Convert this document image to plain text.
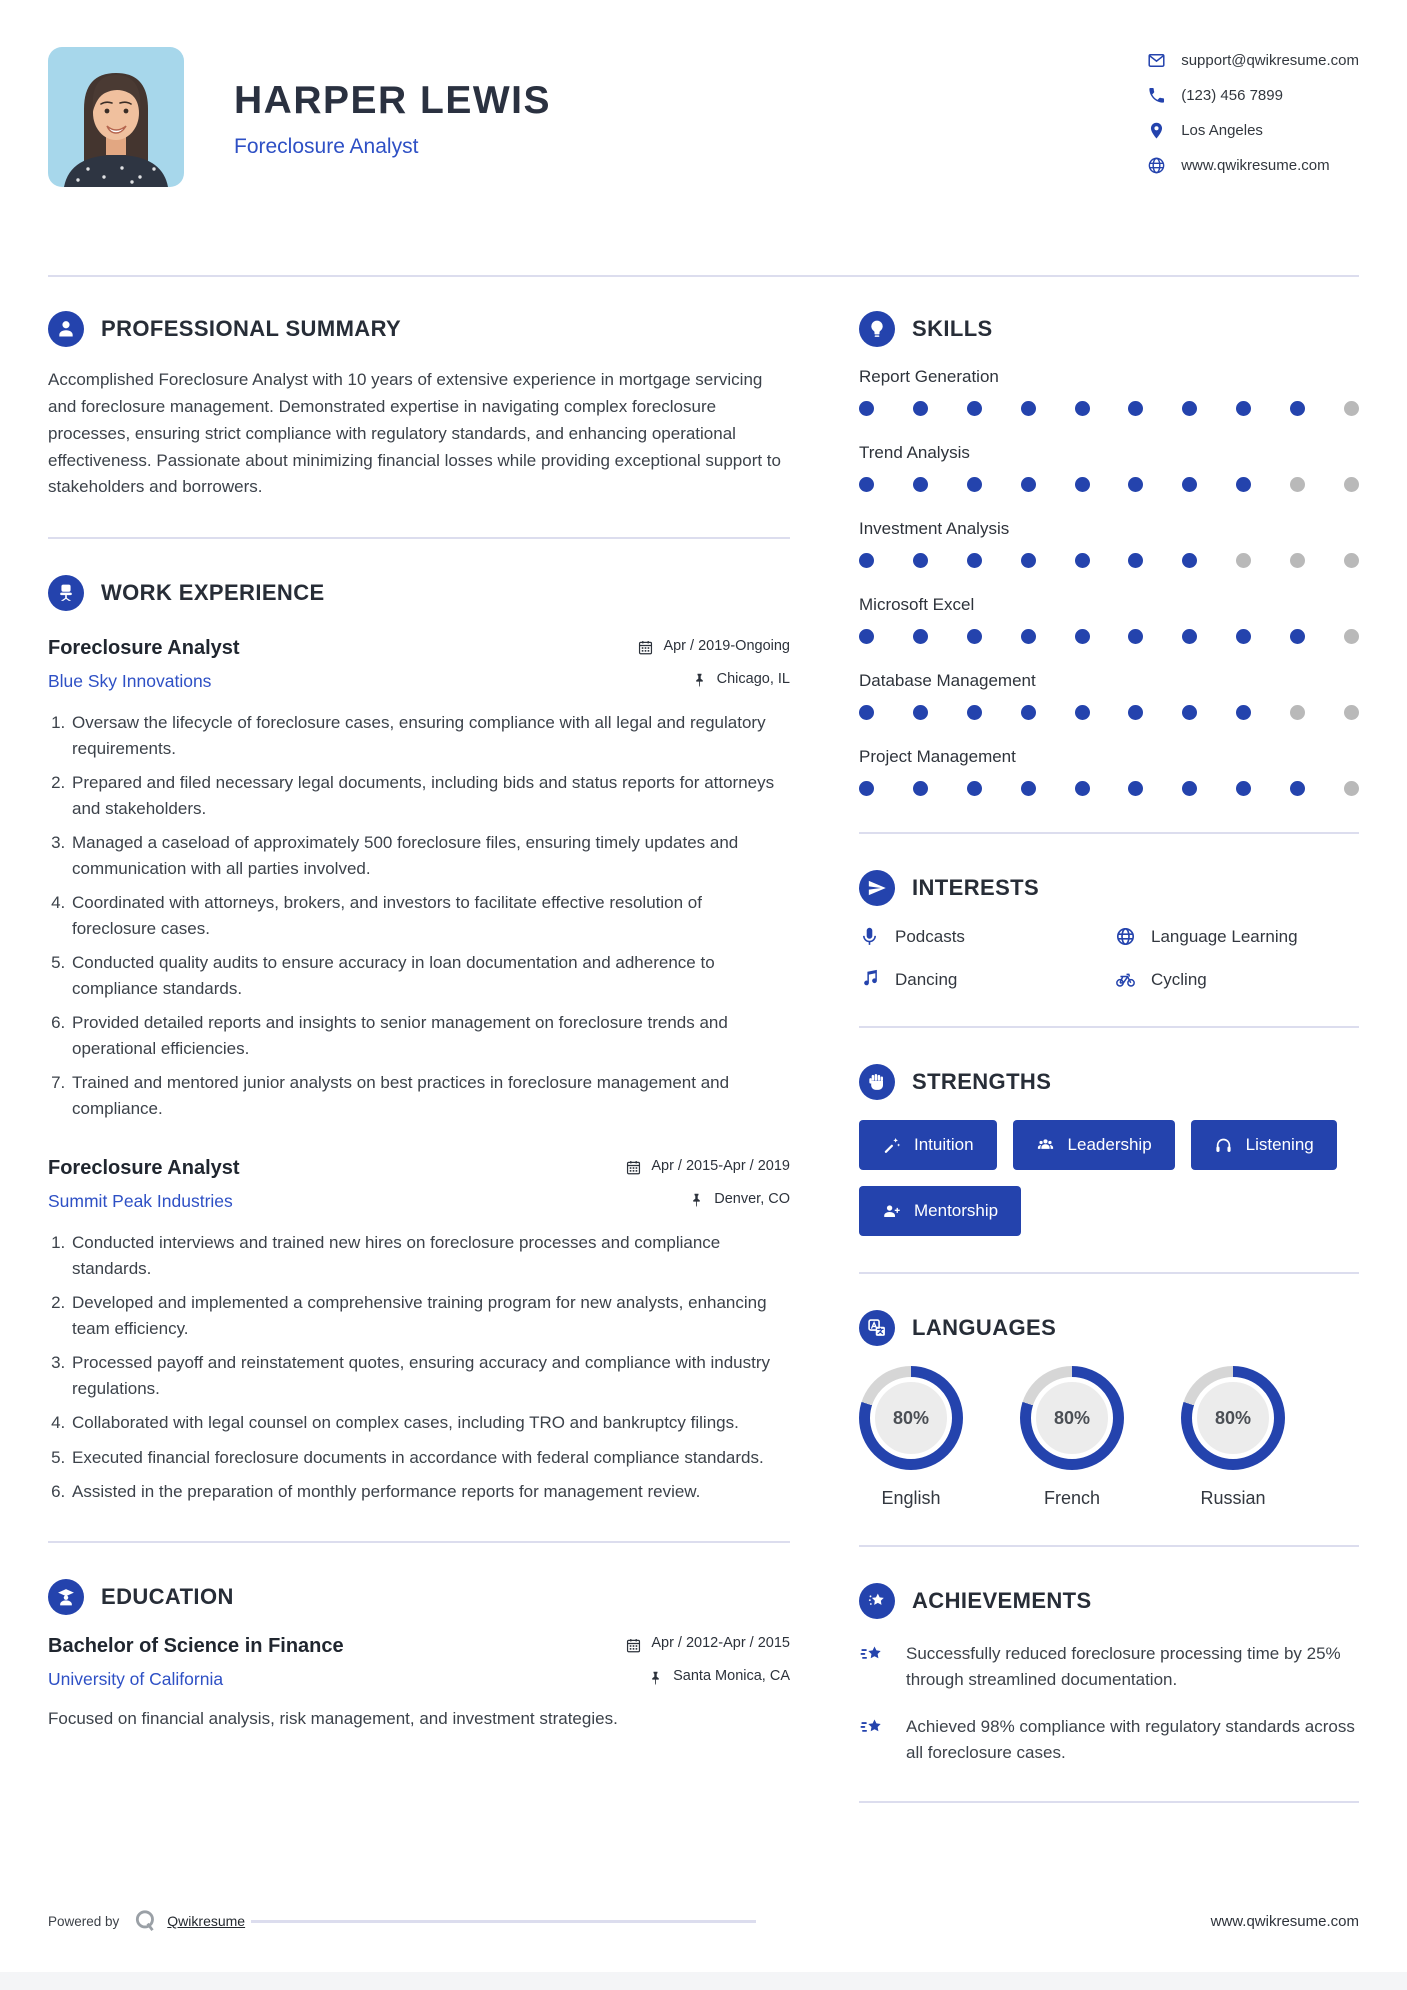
HARPER LEWIS
Foreclosure Analyst
support@qwikresume.com
(123) 456 7899
Los Angeles
www.qwikresume.com
PROFESSIONAL SUMMARY

Accomplished Foreclosure Analyst with 10 years of extensive experience in mortgage servicing and foreclosure management. Demonstrated expertise in navigating complex foreclosure processes, ensuring strict compliance with regulatory standards, and enhancing operational effectiveness. Passionate about minimizing financial losses while providing exceptional support to stakeholders and borrowers.

WORK EXPERIENCE
Foreclosure Analyst	Apr / 2019-Ongoing
Blue Sky Innovations	Chicago, IL
1. Oversaw the lifecycle of foreclosure cases, ensuring compliance with all legal and regulatory requirements.
2. Prepared and filed necessary legal documents, including bids and status reports for attorneys and stakeholders.
3. Managed a caseload of approximately 500 foreclosure files, ensuring timely updates and communication with all parties involved.
4. Coordinated with attorneys, brokers, and investors to facilitate effective resolution of foreclosure cases.
5. Conducted quality audits to ensure accuracy in loan documentation and adherence to compliance standards.
6. Provided detailed reports and insights to senior management on foreclosure trends and operational efficiencies.
7. Trained and mentored junior analysts on best practices in foreclosure management and compliance.
Foreclosure Analyst	Apr / 2015-Apr / 2019
Summit Peak Industries	Denver, CO
1. Conducted interviews and trained new hires on foreclosure processes and compliance standards.
2. Developed and implemented a comprehensive training program for new analysts, enhancing team efficiency.
3. Processed payoff and reinstatement quotes, ensuring accuracy and compliance with industry regulations.
4. Collaborated with legal counsel on complex cases, including TRO and bankruptcy filings.
5. Executed financial foreclosure documents in accordance with federal compliance standards.
6. Assisted in the preparation of monthly performance reports for management review.
EDUCATION
Bachelor of Science in Finance	Apr / 2012-Apr / 2015
University of California	Santa Monica, CA

Focused on financial analysis, risk management, and investment strategies.

SKILLS
Report Generation
Trend Analysis
Investment Analysis
Microsoft Excel
Database Management
Project Management
INTERESTS
Podcasts	Language Learning
Dancing	Cycling
STRENGTHS
Intuition	Leadership	Listening
Mentorship
LANGUAGES
80%
English
80%
French
80%
Russian
ACHIEVEMENTS
Successfully reduced foreclosure processing time by 25% through streamlined documentation.
Achieved 98% compliance with regulatory standards across all foreclosure cases.
Powered by	Qwikresume	www.qwikresume.com
